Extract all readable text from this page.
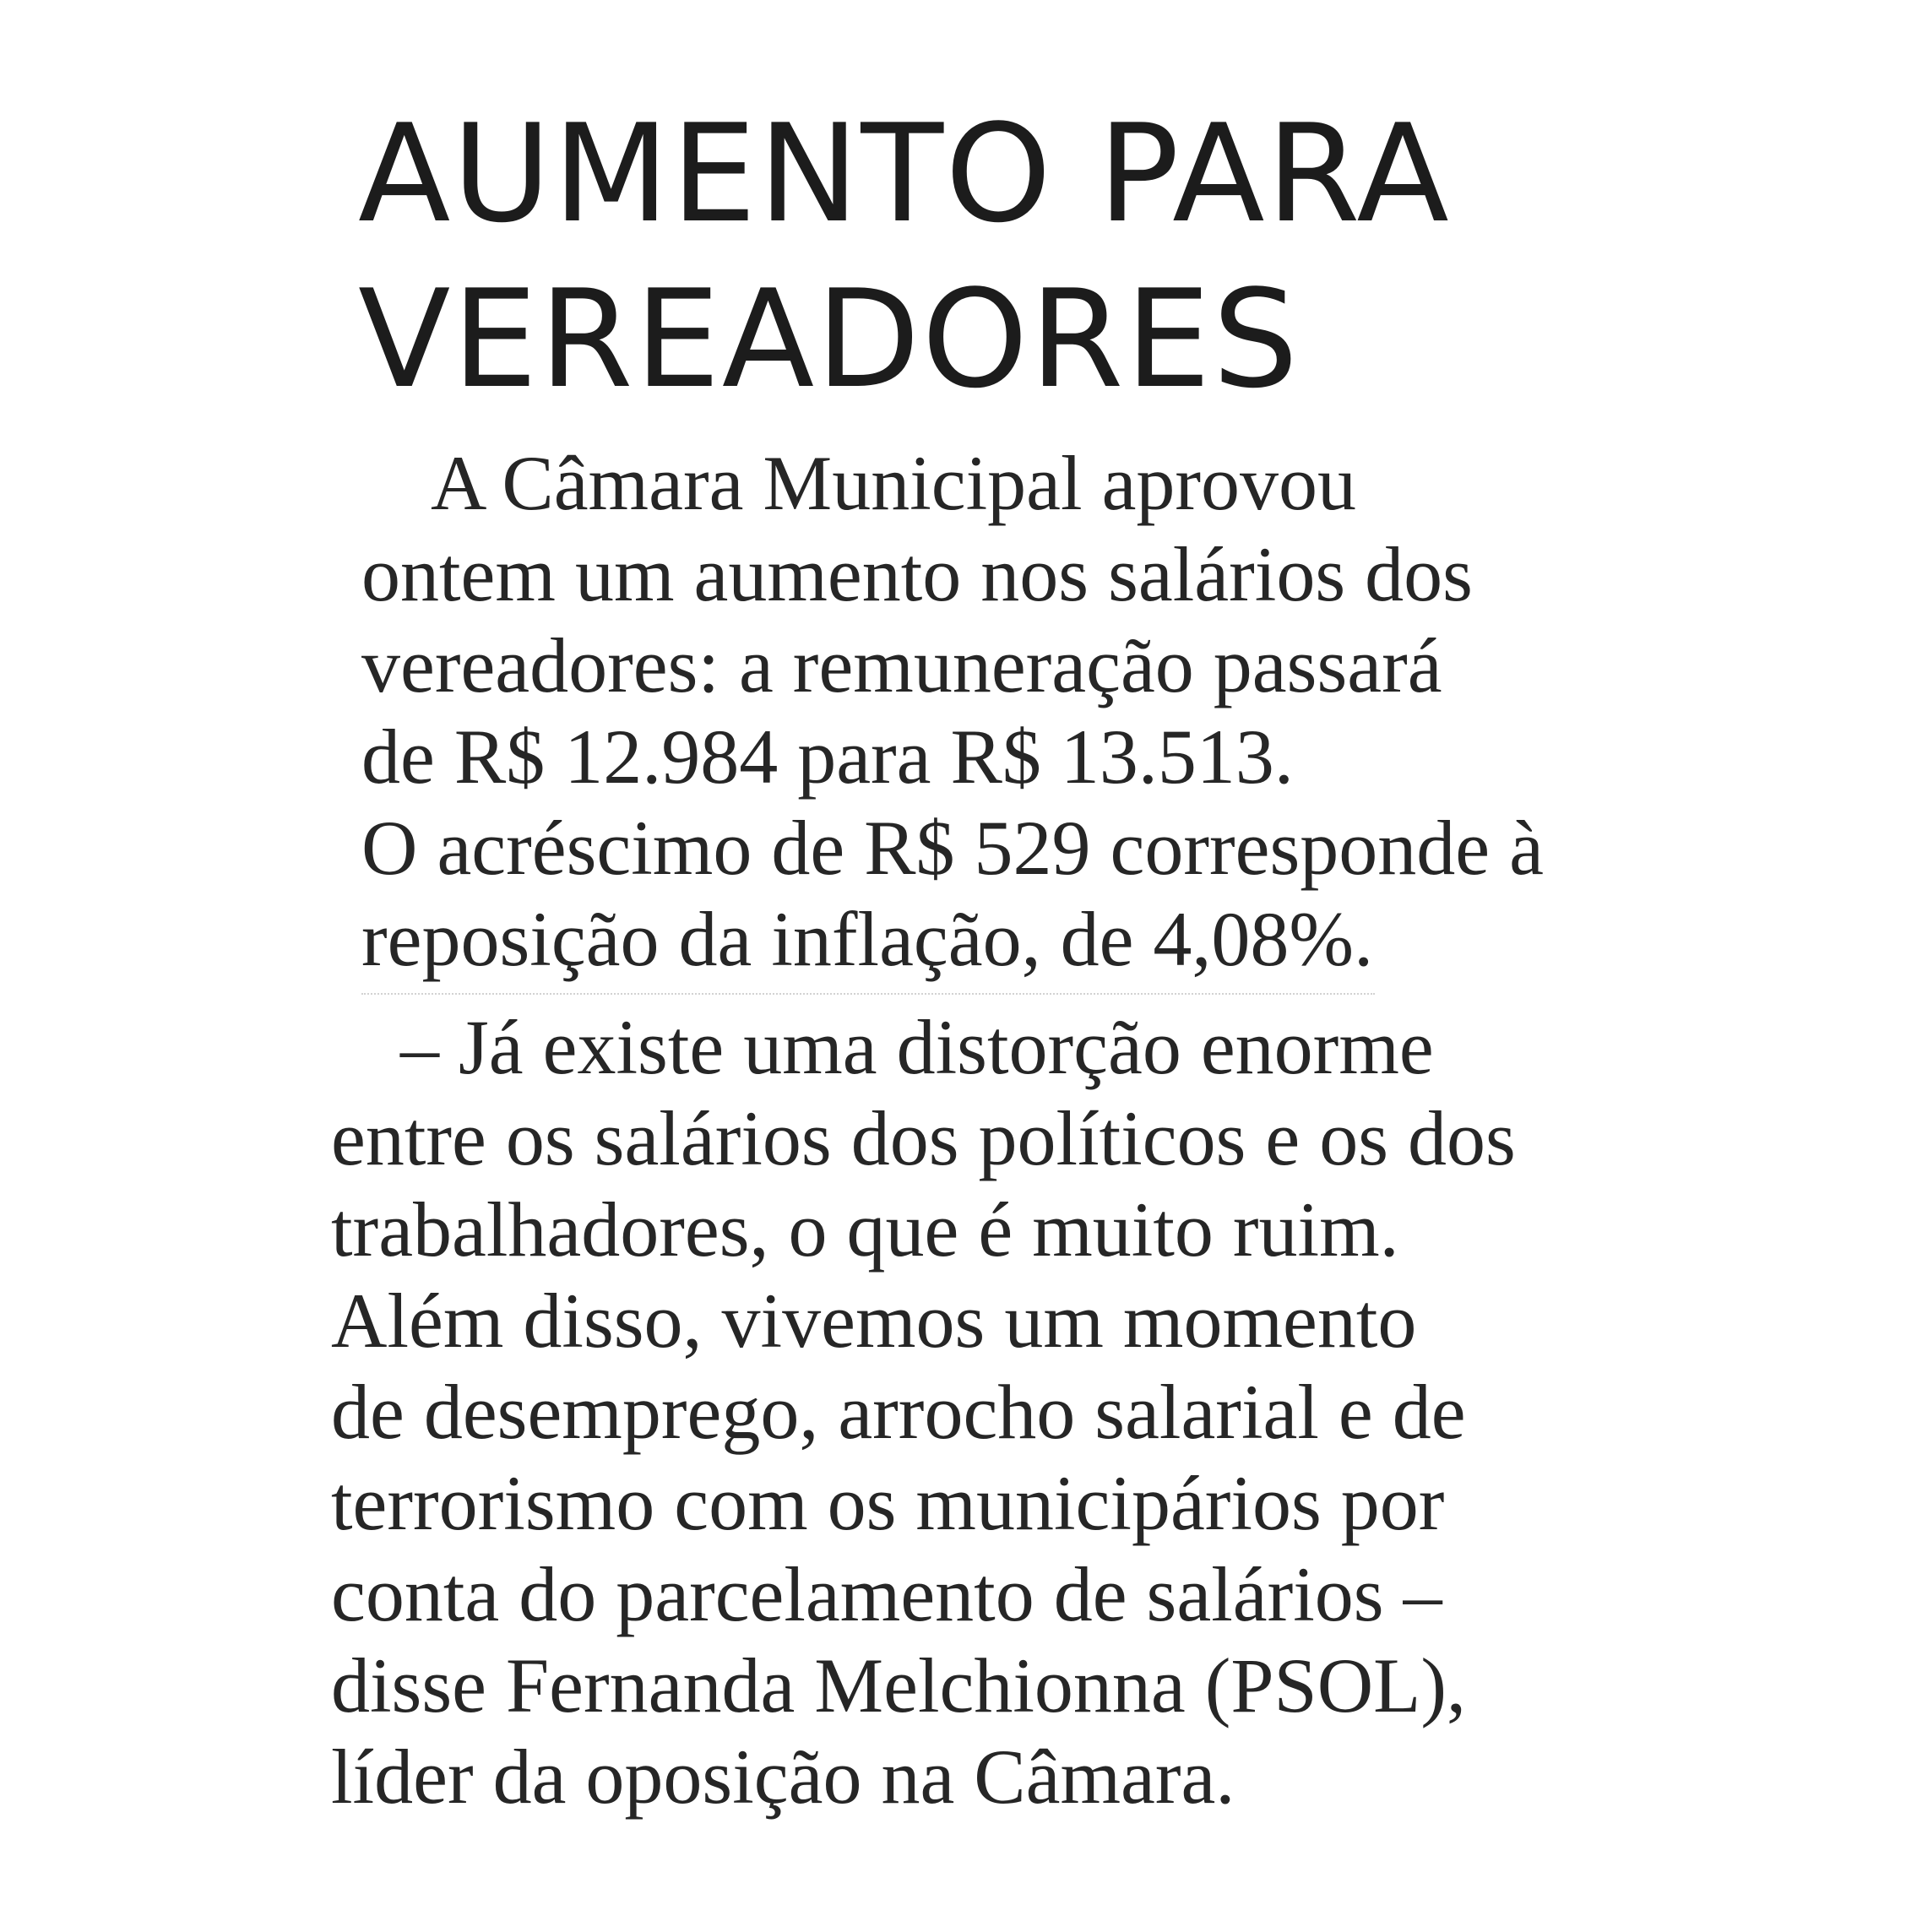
AUMENTO PARA
VEREADORES

A Câmara Municipal aprovou
ontem um aumento nos salários dos
vereadores: a remuneração passará
de R$ 12.984 para R$ 13.513.
O acréscimo de R$ 529 corresponde à
reposição da inflação, de 4,08%.

– Já existe uma distorção enorme
entre os salários dos políticos e os dos
trabalhadores, o que é muito ruim.
Além disso, vivemos um momento
de desemprego, arrocho salarial e de
terrorismo com os municipários por
conta do parcelamento de salários –
disse Fernanda Melchionna (PSOL),
líder da oposição na Câmara.
